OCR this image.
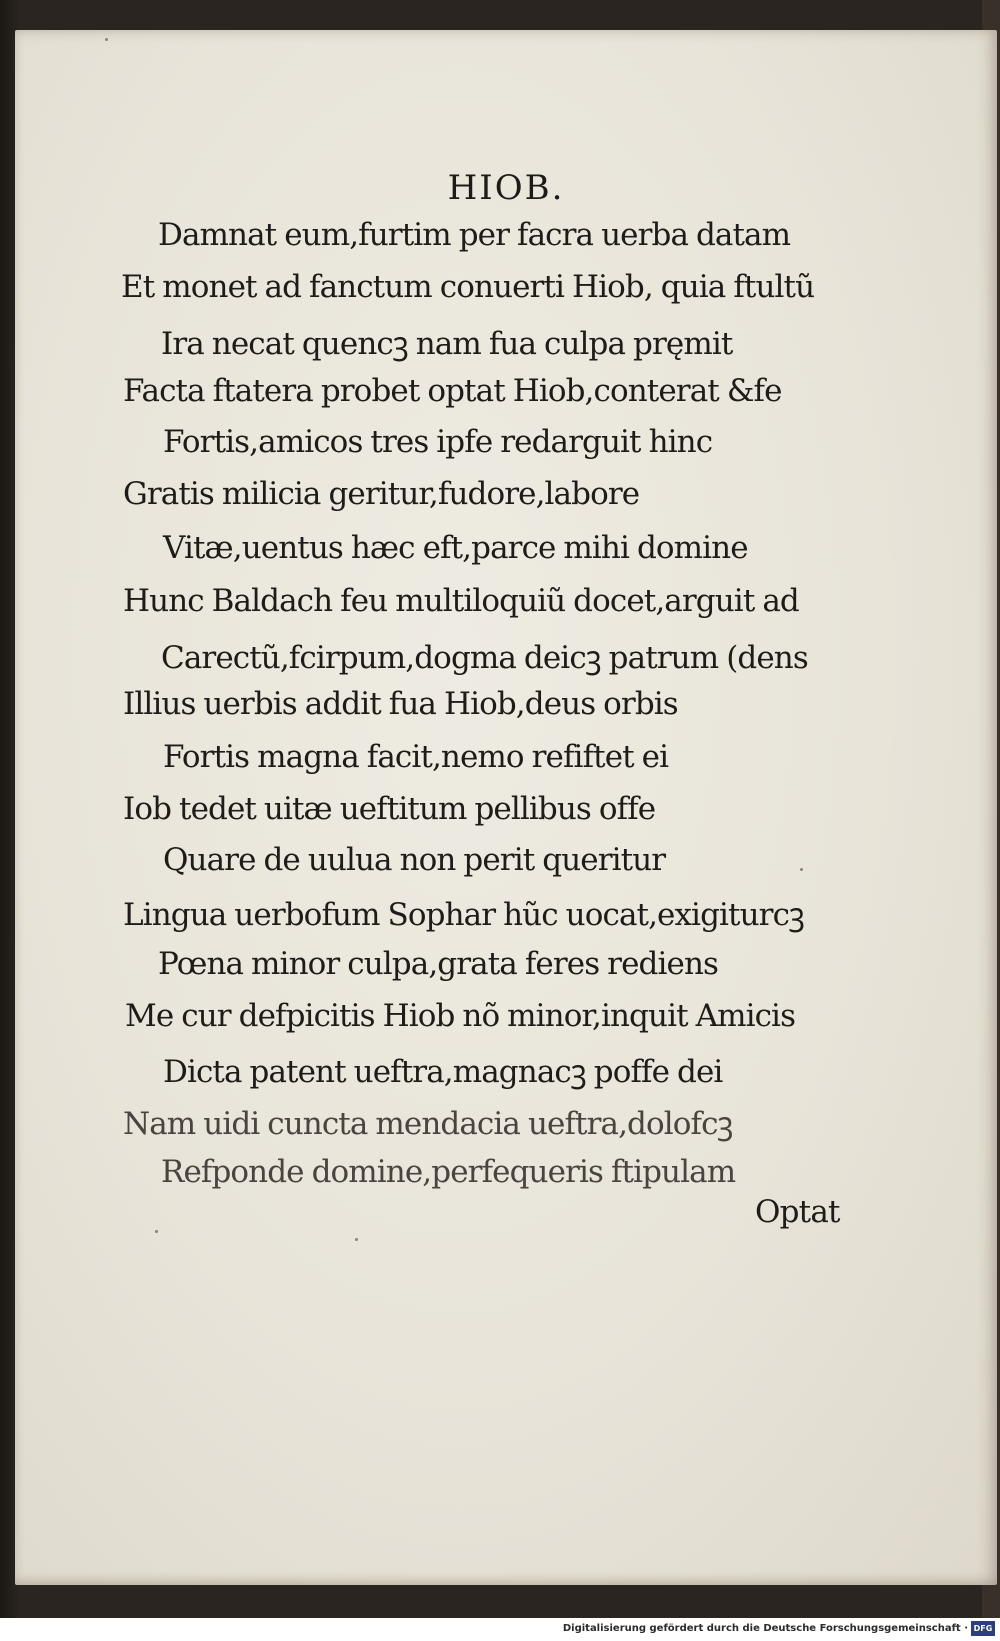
HIOB.
Damnat eum,furtim per facra uerba datam
Et monet ad fanctum conuerti Hiob, quia ftultũ
Ira necat quencꝫ nam fua culpa pręmit
Facta ftatera probet optat Hiob,conterat &fe
Fortis,amicos tres ipfe redarguit hinc
Gratis milicia geritur,fudore,labore
Vitæ,uentus hæc eft,parce mihi domine
Hunc Baldach feu multiloquiũ docet,arguit ad
Carectũ,fcirpum,dogma deicꝫ patrum (dens
Illius uerbis addit fua Hiob,deus orbis
Fortis magna facit,nemo refiftet ei
Iob tedet uitæ ueftitum pellibus offe
Quare de uulua non perit queritur
Lingua uerbofum Sophar hũc uocat,exigiturcꝫ
Pœna minor culpa,grata feres rediens
Me cur defpicitis Hiob nõ minor,inquit Amicis
Dicta patent ueftra,magnacꝫ poffe dei
Nam uidi cuncta mendacia ueftra,dolofcꝫ
Refponde domine,perfequeris ftipulam
Optat
Digitalisierung gefördert durch die Deutsche Forschungsgemeinschaft · DFG
